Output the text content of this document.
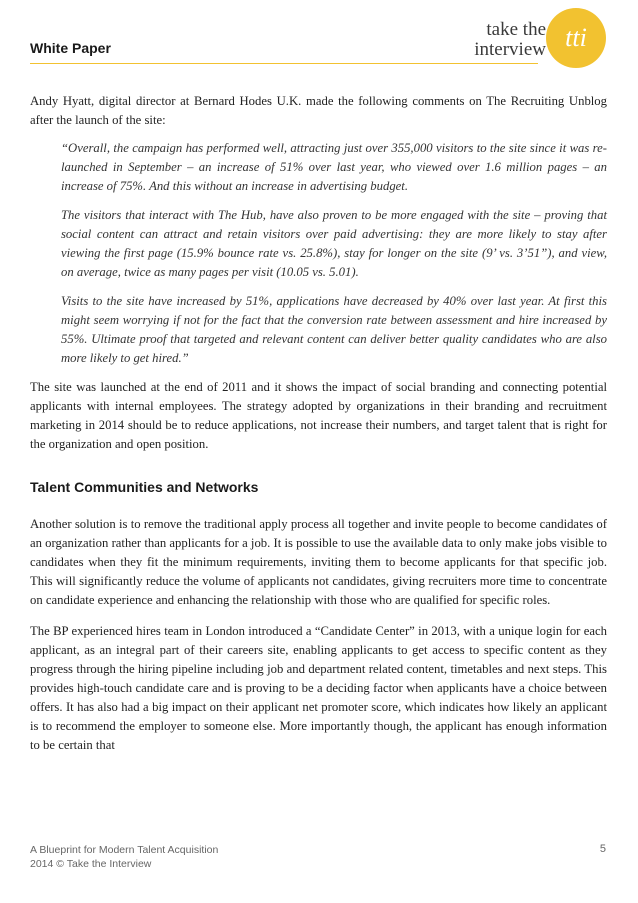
White Paper
take the
interview tti

Andy Hyatt, digital director at Bernard Hodes U.K. made the following comments on The Recruiting Unblog after the launch of the site:

“Overall, the campaign has performed well, attracting just over 355,000 visitors to the site since it was re-launched in September – an increase of 51% over last year, who viewed over 1.6 million pages – an increase of 75%. And this without an increase in advertising budget.

The visitors that interact with The Hub, have also proven to be more engaged with the site – proving that social content can attract and retain visitors over paid advertising: they are more likely to stay after viewing the first page (15.9% bounce rate vs. 25.8%), stay for longer on the site (9’ vs. 3’51”), and view, on average, twice as many pages per visit (10.05 vs. 5.01).

Visits to the site have increased by 51%, applications have decreased by 40% over last year. At first this might seem worrying if not for the fact that the conversion rate between assessment and hire increased by 55%. Ultimate proof that targeted and relevant content can deliver better quality candidates who are also more likely to get hired.”

The site was launched at the end of 2011 and it shows the impact of social branding and connecting potential applicants with internal employees. The strategy adopted by organizations in their branding and recruitment marketing in 2014 should be to reduce applications, not increase their numbers, and target talent that is right for the organization and open position.

Talent Communities and Networks

Another solution is to remove the traditional apply process all together and invite people to become candidates of an organization rather than applicants for a job. It is possible to use the available data to only make jobs visible to candidates when they fit the minimum requirements, inviting them to become applicants for that specific job. This will significantly reduce the volume of applicants not candidates, giving recruiters more time to concentrate on candidate experience and enhancing the relationship with those who are qualified for specific roles.

The BP experienced hires team in London introduced a “Candidate Center” in 2013, with a unique login for each applicant, as an integral part of their careers site, enabling applicants to get access to specific content as they progress through the hiring pipeline including job and department related content, timetables and next steps. This provides high-touch candidate care and is proving to be a deciding factor when applicants have a choice between offers. It has also had a big impact on their applicant net promoter score, which indicates how likely an applicant is to recommend the employer to someone else. More importantly though, the applicant has enough information to be certain that

A Blueprint for Modern Talent Acquisition
2014 © Take the Interview
5
